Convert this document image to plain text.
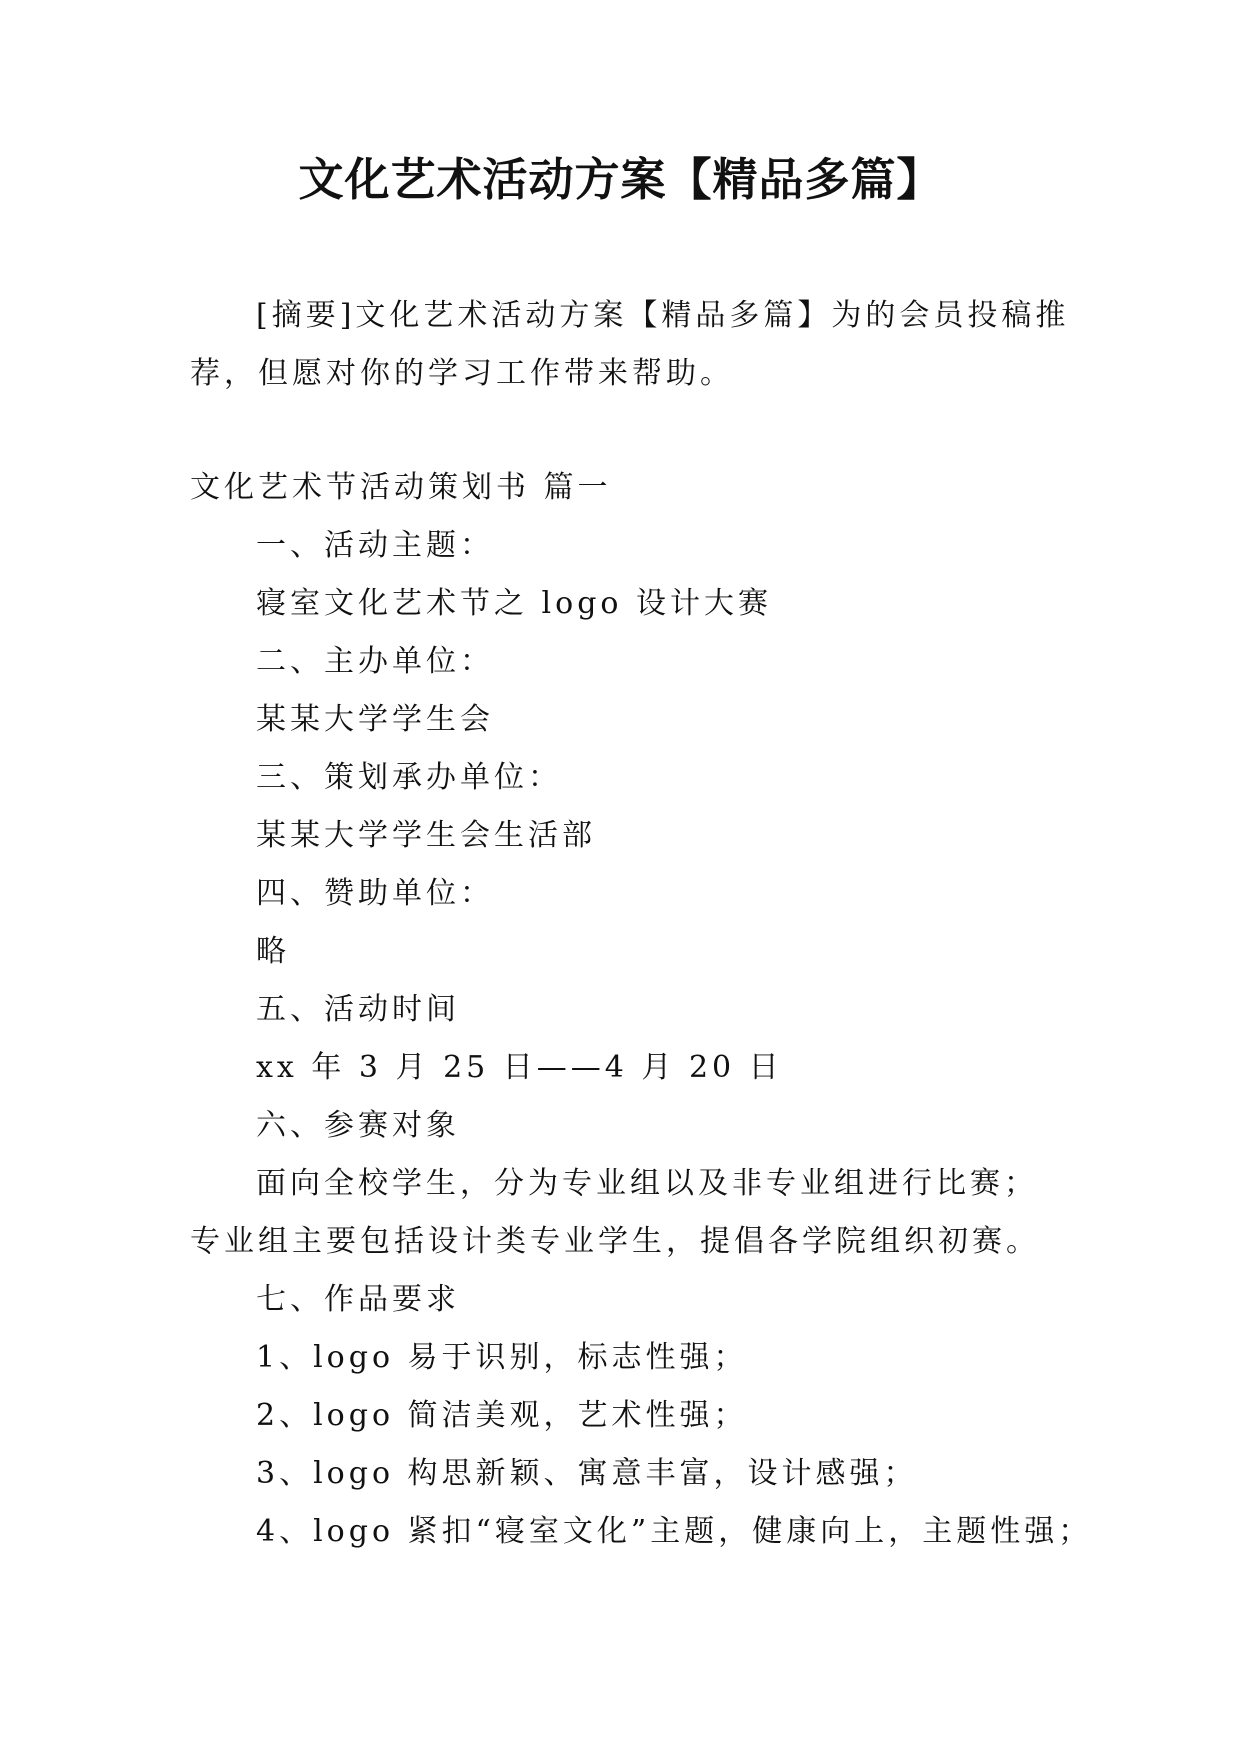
文化艺术活动方案【精品多篇】
[摘要]文化艺术活动方案【精品多篇】为的会员投稿推荐，但愿对你的学习工作带来帮助。
文化艺术节活动策划书 篇一
一、活动主题：
寝室文化艺术节之 logo 设计大赛
二、主办单位：
某某大学学生会
三、策划承办单位：
某某大学学生会生活部
四、赞助单位：
略
五、活动时间
xx 年 3 月 25 日——4 月 20 日
六、参赛对象
面向全校学生，分为专业组以及非专业组进行比赛；专业组主要包括设计类专业学生，提倡各学院组织初赛。
七、作品要求
1、logo 易于识别，标志性强；
2、logo 简洁美观，艺术性强；
3、logo 构思新颖、寓意丰富，设计感强；
4、logo 紧扣“寝室文化”主题，健康向上，主题性强；
